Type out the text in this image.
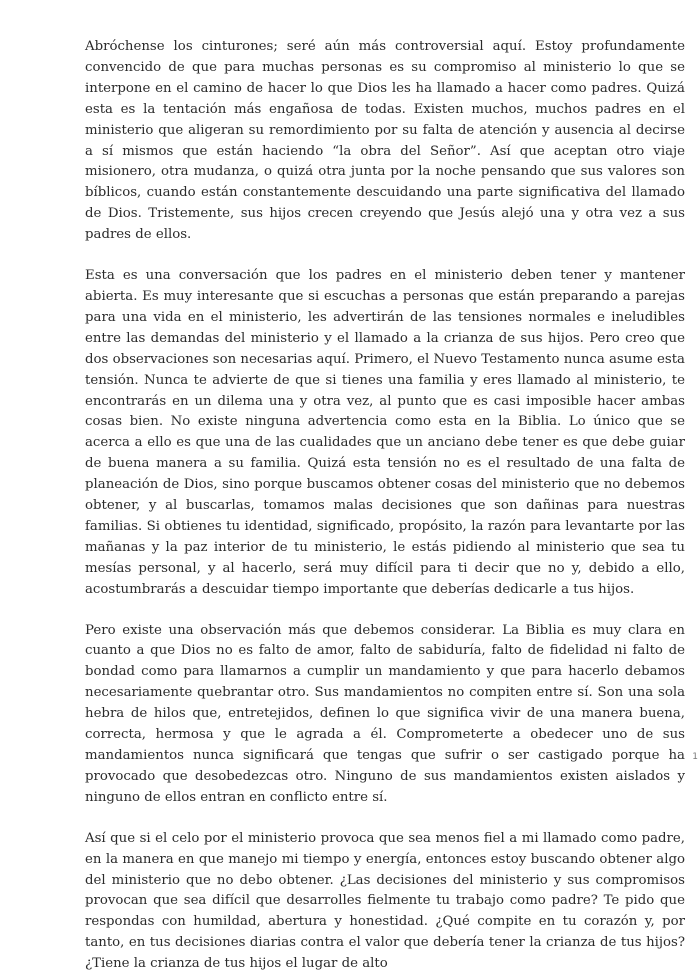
Abróchense los cinturones; seré aún más controversial aquí. Estoy profundamente convencido de que para muchas personas es su compromiso al ministerio lo que se interpone en el camino de hacer lo que Dios les ha llamado a hacer como padres. Quizá esta es la tentación más engañosa de todas. Existen muchos, muchos padres en el ministerio que aligeran su remordimiento por su falta de atención y ausencia al decirse a sí mismos que están haciendo “la obra del Señor”. Así que aceptan otro viaje misionero, otra mudanza, o quizá otra junta por la noche pensando que sus valores son bíblicos, cuando están constantemente descuidando una parte significativa del llamado de Dios. Tristemente, sus hijos crecen creyendo que Jesús alejó una y otra vez a sus padres de ellos.

Esta es una conversación que los padres en el ministerio deben tener y mantener abierta. Es muy interesante que si escuchas a personas que están preparando a parejas para una vida en el ministerio, les advertirán de las tensiones normales e ineludibles entre las demandas del ministerio y el llamado a la crianza de sus hijos. Pero creo que dos observaciones son necesarias aquí. Primero, el Nuevo Testamento nunca asume esta tensión. Nunca te advierte de que si tienes una familia y eres llamado al ministerio, te encontrarás en un dilema una y otra vez, al punto que es casi imposible hacer ambas cosas bien. No existe ninguna advertencia como esta en la Biblia. Lo único que se acerca a ello es que una de las cualidades que un anciano debe tener es que debe guiar de buena manera a su familia. Quizá esta tensión no es el resultado de una falta de planeación de Dios, sino porque buscamos obtener cosas del ministerio que no debemos obtener, y al buscarlas, tomamos malas decisiones que son dañinas para nuestras familias. Si obtienes tu identidad, significado, propósito, la razón para levantarte por las mañanas y la paz interior de tu ministerio, le estás pidiendo al ministerio que sea tu mesías personal, y al hacerlo, será muy difícil para ti decir que no y, debido a ello, acostumbrarás a descuidar tiempo importante que deberías dedicarle a tus hijos.

Pero existe una observación más que debemos considerar. La Biblia es muy clara en cuanto a que Dios no es falto de amor, falto de sabiduría, falto de fidelidad ni falto de bondad como para llamarnos a cumplir un mandamiento y que para hacerlo debamos necesariamente quebrantar otro. Sus mandamientos no compiten entre sí. Son una sola hebra de hilos que, entretejidos, definen lo que significa vivir de una manera buena, correcta, hermosa y que le agrada a él. Comprometerte a obedecer uno de sus mandamientos nunca significará que tengas que sufrir o ser castigado porque ha provocado que desobedezcas otro. Ninguno de sus mandamientos existen aislados y ninguno de ellos entran en conflicto entre sí.

Así que si el celo por el ministerio provoca que sea menos fiel a mi llamado como padre, en la manera en que manejo mi tiempo y energía, entonces estoy buscando obtener algo del ministerio que no debo obtener. ¿Las decisiones del ministerio y sus compromisos provocan que sea difícil que desarrolles fielmente tu trabajo como padre? Te pido que respondas con humildad, abertura y honestidad. ¿Qué compite en tu corazón y, por tanto, en tus decisiones diarias contra el valor que debería tener la crianza de tus hijos? ¿Tiene la crianza de tus hijos el lugar de alto

1
